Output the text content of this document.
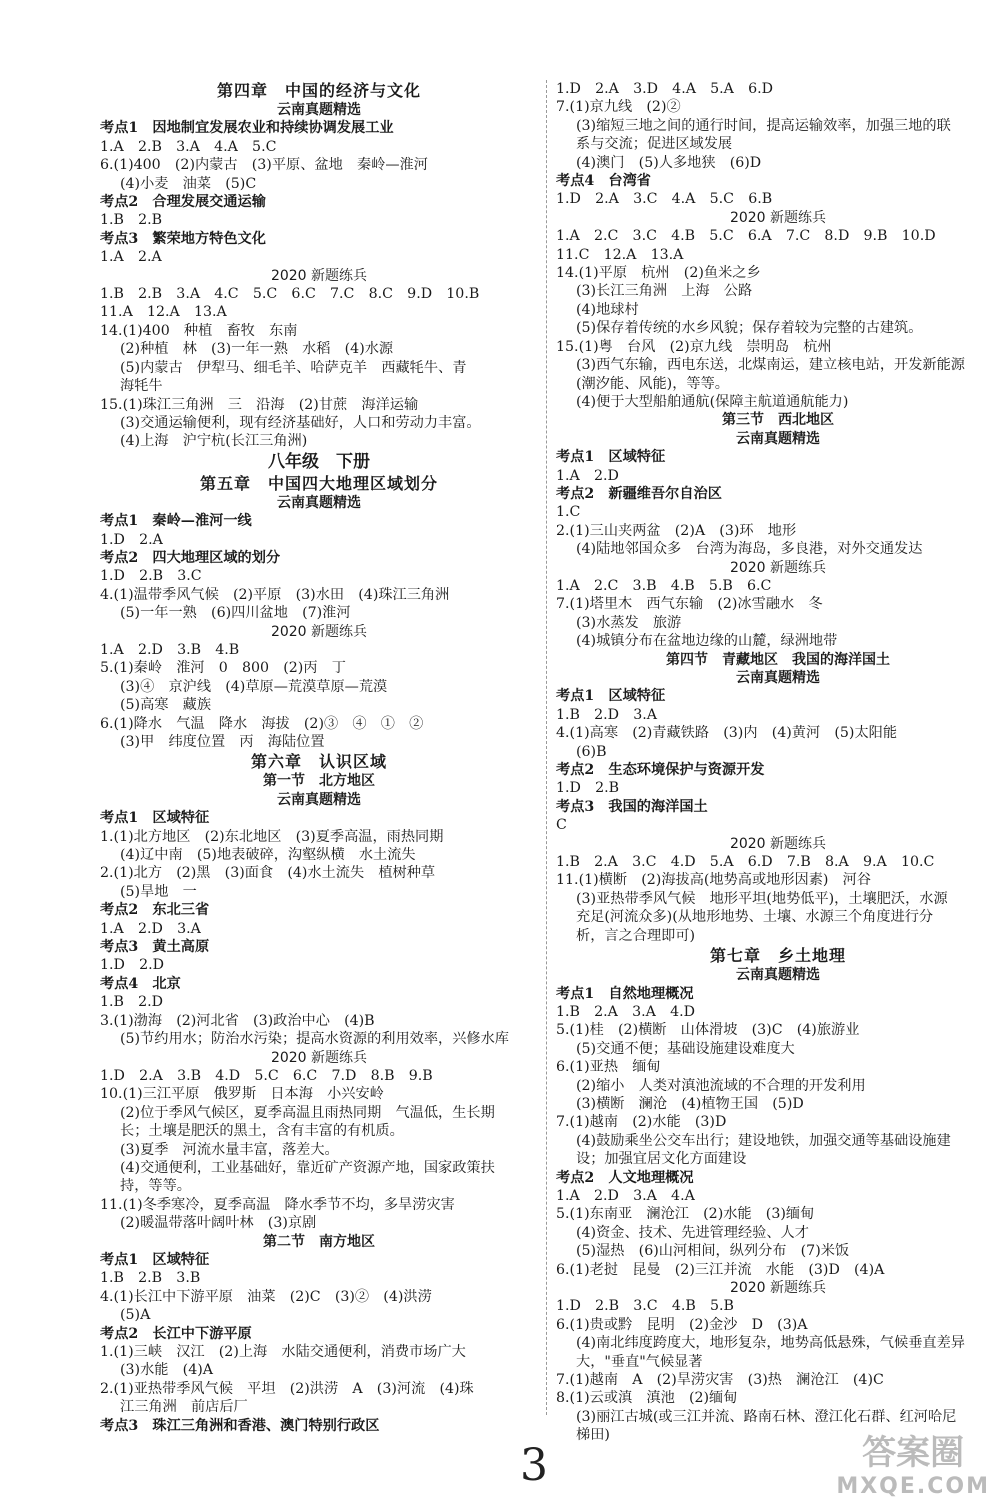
第四章　中国的经济与文化
云南真题精选
考点1　因地制宜发展农业和持续协调发展工业
1.A　2.B　3.A　4.A　5.C
6.(1)400　(2)内蒙古　(3)平原、盆地　秦岭—淮河
(4)小麦　油菜　(5)C
考点2　合理发展交通运输
1.B　2.B
考点3　繁荣地方特色文化
1.A　2.A
2020 新题练兵
1.B　2.B　3.A　4.C　5.C　6.C　7.C　8.C　9.D　10.B
11.A　12.A　13.A
14.(1)400　种植　畜牧　东南
(2)种植　林　(3)一年一熟　水稻　(4)水源
(5)内蒙古　伊犁马、细毛羊、哈萨克羊　西藏牦牛、青
海牦牛
15.(1)珠江三角洲　三　沿海　(2)甘蔗　海洋运输
(3)交通运输便利，现有经济基础好，人口和劳动力丰富。
(4)上海　沪宁杭(长江三角洲)
八年级　下册
第五章　中国四大地理区域划分
云南真题精选
考点1　秦岭—淮河一线
1.D　2.A
考点2　四大地理区域的划分
1.D　2.B　3.C
4.(1)温带季风气候　(2)平原　(3)水田　(4)珠江三角洲
(5)一年一熟　(6)四川盆地　(7)淮河
2020 新题练兵
1.A　2.D　3.B　4.B
5.(1)秦岭　淮河　0　800　(2)丙　丁
(3)④　京沪线　(4)草原—荒漠草原—荒漠
(5)高寒　藏族
6.(1)降水　气温　降水　海拔　(2)③　④　①　②
(3)甲　纬度位置　丙　海陆位置
第六章　认识区域
第一节　北方地区
云南真题精选
考点1　区域特征
1.(1)北方地区　(2)东北地区　(3)夏季高温，雨热同期
(4)辽中南　(5)地表破碎，沟壑纵横　水土流失
2.(1)北方　(2)黑　(3)面食　(4)水土流失　植树种草
(5)旱地　一
考点2　东北三省
1.A　2.D　3.A
考点3　黄土高原
1.D　2.D
考点4　北京
1.B　2.D
3.(1)渤海　(2)河北省　(3)政治中心　(4)B
(5)节约用水；防治水污染；提高水资源的利用效率，兴修水库
2020 新题练兵
1.D　2.A　3.B　4.D　5.C　6.C　7.D　8.B　9.B
10.(1)三江平原　俄罗斯　日本海　小兴安岭
(2)位于季风气候区，夏季高温且雨热同期　气温低，生长期
长；土壤是肥沃的黑土，含有丰富的有机质。
(3)夏季　河流水量丰富，落差大。
(4)交通便利，工业基础好，靠近矿产资源产地，国家政策扶
持，等等。
11.(1)冬季寒冷，夏季高温　降水季节不均，多旱涝灾害
(2)暖温带落叶阔叶林　(3)京剧
第二节　南方地区
考点1　区域特征
1.B　2.B　3.B
4.(1)长江中下游平原　油菜　(2)C　(3)②　(4)洪涝
(5)A
考点2　长江中下游平原
1.(1)三峡　汉江　(2)上海　水陆交通便利，消费市场广大
(3)水能　(4)A
2.(1)亚热带季风气候　平坦　(2)洪涝　A　(3)河流　(4)珠
江三角洲　前店后厂
考点3　珠江三角洲和香港、澳门特别行政区
1.D　2.A　3.D　4.A　5.A　6.D
7.(1)京九线　(2)②
(3)缩短三地之间的通行时间，提高运输效率，加强三地的联
系与交流；促进区域发展
(4)澳门　(5)人多地狭　(6)D
考点4　台湾省
1.D　2.A　3.C　4.A　5.C　6.B
2020 新题练兵
1.A　2.C　3.C　4.B　5.C　6.A　7.C　8.D　9.B　10.D
11.C　12.A　13.A
14.(1)平原　杭州　(2)鱼米之乡
(3)长江三角洲　上海　公路
(4)地球村
(5)保存着传统的水乡风貌；保存着较为完整的古建筑。
15.(1)粤　台风　(2)京九线　崇明岛　杭州
(3)西气东输，西电东送，北煤南运，建立核电站，开发新能源
(潮汐能、风能)，等等。
(4)便于大型船舶通航(保障主航道通航能力)
第三节　西北地区
云南真题精选
考点1　区域特征
1.A　2.D
考点2　新疆维吾尔自治区
1.C
2.(1)三山夹两盆　(2)A　(3)环　地形
(4)陆地邻国众多　台湾为海岛，多良港，对外交通发达
2020 新题练兵
1.A　2.C　3.B　4.B　5.B　6.C
7.(1)塔里木　西气东输　(2)冰雪融水　冬
(3)水蒸发　旅游
(4)城镇分布在盆地边缘的山麓，绿洲地带
第四节　青藏地区　我国的海洋国土
云南真题精选
考点1　区域特征
1.B　2.D　3.A
4.(1)高寒　(2)青藏铁路　(3)内　(4)黄河　(5)太阳能
(6)B
考点2　生态环境保护与资源开发
1.D　2.B
考点3　我国的海洋国土
C
2020 新题练兵
1.B　2.A　3.C　4.D　5.A　6.D　7.B　8.A　9.A　10.C
11.(1)横断　(2)海拔高(地势高或地形因素)　河谷
(3)亚热带季风气候　地形平坦(地势低平)，土壤肥沃，水源
充足(河流众多)(从地形地势、土壤、水源三个角度进行分
析，言之合理即可)
第七章　乡土地理
云南真题精选
考点1　自然地理概况
1.B　2.A　3.A　4.D
5.(1)桂　(2)横断　山体滑坡　(3)C　(4)旅游业
(5)交通不便；基础设施建设难度大
6.(1)亚热　缅甸
(2)缩小　人类对滇池流域的不合理的开发利用
(3)横断　澜沧　(4)植物王国　(5)D
7.(1)越南　(2)水能　(3)D
(4)鼓励乘坐公交车出行；建设地铁，加强交通等基础设施建
设；加强宜居文化方面建设
考点2　人文地理概况
1.A　2.D　3.A　4.A
5.(1)东南亚　澜沧江　(2)水能　(3)缅甸
(4)资金、技术、先进管理经验、人才
(5)湿热　(6)山河相间，纵列分布　(7)米饭
6.(1)老挝　昆曼　(2)三江并流　水能　(3)D　(4)A
2020 新题练兵
1.D　2.B　3.C　4.B　5.B
6.(1)贵或黔　昆明　(2)金沙　D　(3)A
(4)南北纬度跨度大，地形复杂，地势高低悬殊，气候垂直差异
大，"垂直"气候显著
7.(1)越南　A　(2)旱涝灾害　(3)热　澜沧江　(4)C
8.(1)云或滇　滇池　(2)缅甸
(3)丽江古城(或三江并流、路南石林、澄江化石群、红河哈尼
梯田)
3	答案圈
MXQE.COM
